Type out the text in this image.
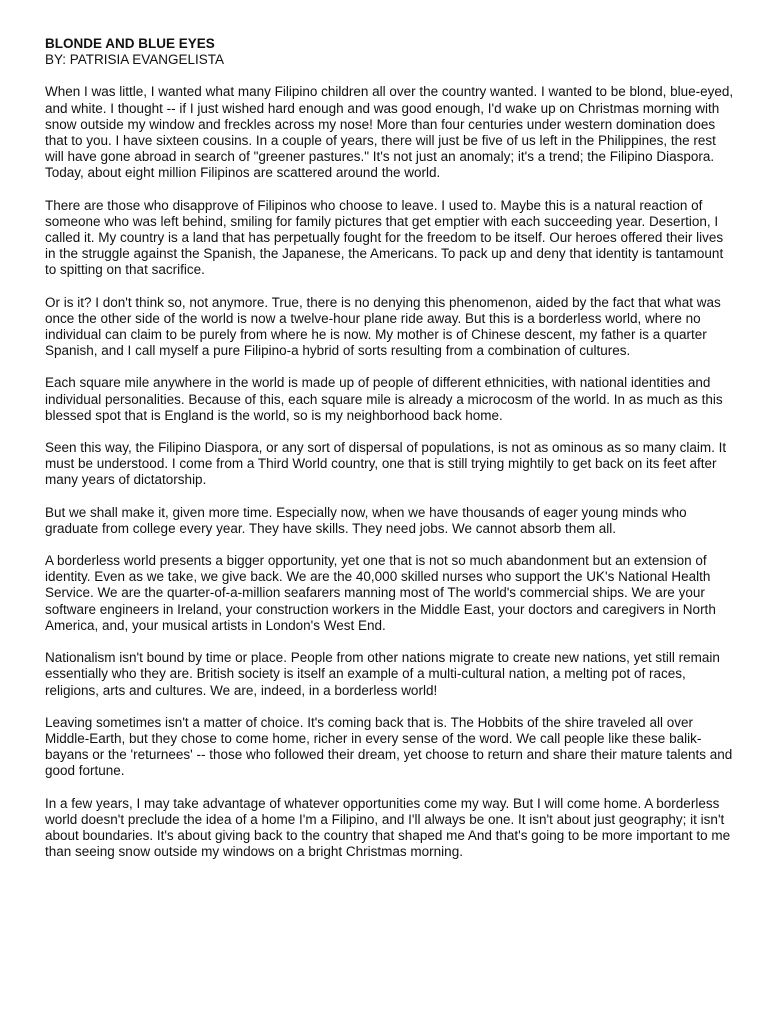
BLONDE AND BLUE EYES
BY: PATRISIA EVANGELISTA

When I was little, I wanted what many Filipino children all over the country wanted. I wanted to be blond, blue-eyed, and white. I thought -- if I just wished hard enough and was good enough, I'd wake up on Christmas morning with snow outside my window and freckles across my nose! More than four centuries under western domination does that to you. I have sixteen cousins. In a couple of years, there will just be five of us left in the Philippines, the rest will have gone abroad in search of "greener pastures." It's not just an anomaly; it's a trend; the Filipino Diaspora. Today, about eight million Filipinos are scattered around the world.

There are those who disapprove of Filipinos who choose to leave. I used to. Maybe this is a natural reaction of someone who was left behind, smiling for family pictures that get emptier with each succeeding year. Desertion, I called it. My country is a land that has perpetually fought for the freedom to be itself. Our heroes offered their lives in the struggle against the Spanish, the Japanese, the Americans. To pack up and deny that identity is tantamount to spitting on that sacrifice.

Or is it? I don't think so, not anymore. True, there is no denying this phenomenon, aided by the fact that what was once the other side of the world is now a twelve-hour plane ride away. But this is a borderless world, where no individual can claim to be purely from where he is now. My mother is of Chinese descent, my father is a quarter Spanish, and I call myself a pure Filipino-a hybrid of sorts resulting from a combination of cultures.

Each square mile anywhere in the world is made up of people of different ethnicities, with national identities and individual personalities. Because of this, each square mile is already a microcosm of the world. In as much as this blessed spot that is England is the world, so is my neighborhood back home.

Seen this way, the Filipino Diaspora, or any sort of dispersal of populations, is not as ominous as so many claim. It must be understood. I come from a Third World country, one that is still trying mightily to get back on its feet after many years of dictatorship.

But we shall make it, given more time. Especially now, when we have thousands of eager young minds who graduate from college every year. They have skills. They need jobs. We cannot absorb them all.

A borderless world presents a bigger opportunity, yet one that is not so much abandonment but an extension of identity. Even as we take, we give back. We are the 40,000 skilled nurses who support the UK's National Health Service. We are the quarter-of-a-million seafarers manning most of The world's commercial ships. We are your software engineers in Ireland, your construction workers in the Middle East, your doctors and caregivers in North America, and, your musical artists in London's West End.

Nationalism isn't bound by time or place. People from other nations migrate to create new nations, yet still remain essentially who they are. British society is itself an example of a multi-cultural nation, a melting pot of races, religions, arts and cultures. We are, indeed, in a borderless world!

Leaving sometimes isn't a matter of choice. It's coming back that is. The Hobbits of the shire traveled all over Middle-Earth, but they chose to come home, richer in every sense of the word. We call people like these balik-bayans or the 'returnees' -- those who followed their dream, yet choose to return and share their mature talents and good fortune.

In a few years, I may take advantage of whatever opportunities come my way. But I will come home. A borderless world doesn't preclude the idea of a home I'm a Filipino, and I'll always be one. It isn't about just geography; it isn't about boundaries. It's about giving back to the country that shaped me And that's going to be more important to me than seeing snow outside my windows on a bright Christmas morning.
